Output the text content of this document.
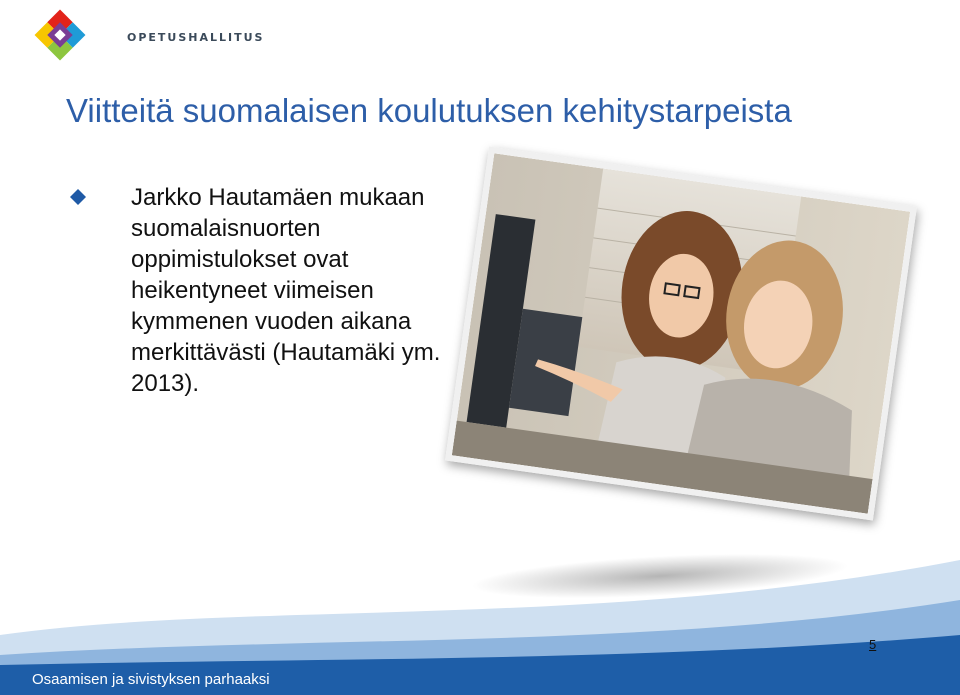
OPETUSHALLITUS
Viitteitä suomalaisen koulutuksen kehitystarpeista
Jarkko Hautamäen mukaan suomalaisnuorten oppimistulokset ovat heikentyneet viimeisen kymmenen vuoden aikana merkittävästi (Hautamäki ym. 2013).
5
Osaamisen ja sivistyksen parhaaksi
